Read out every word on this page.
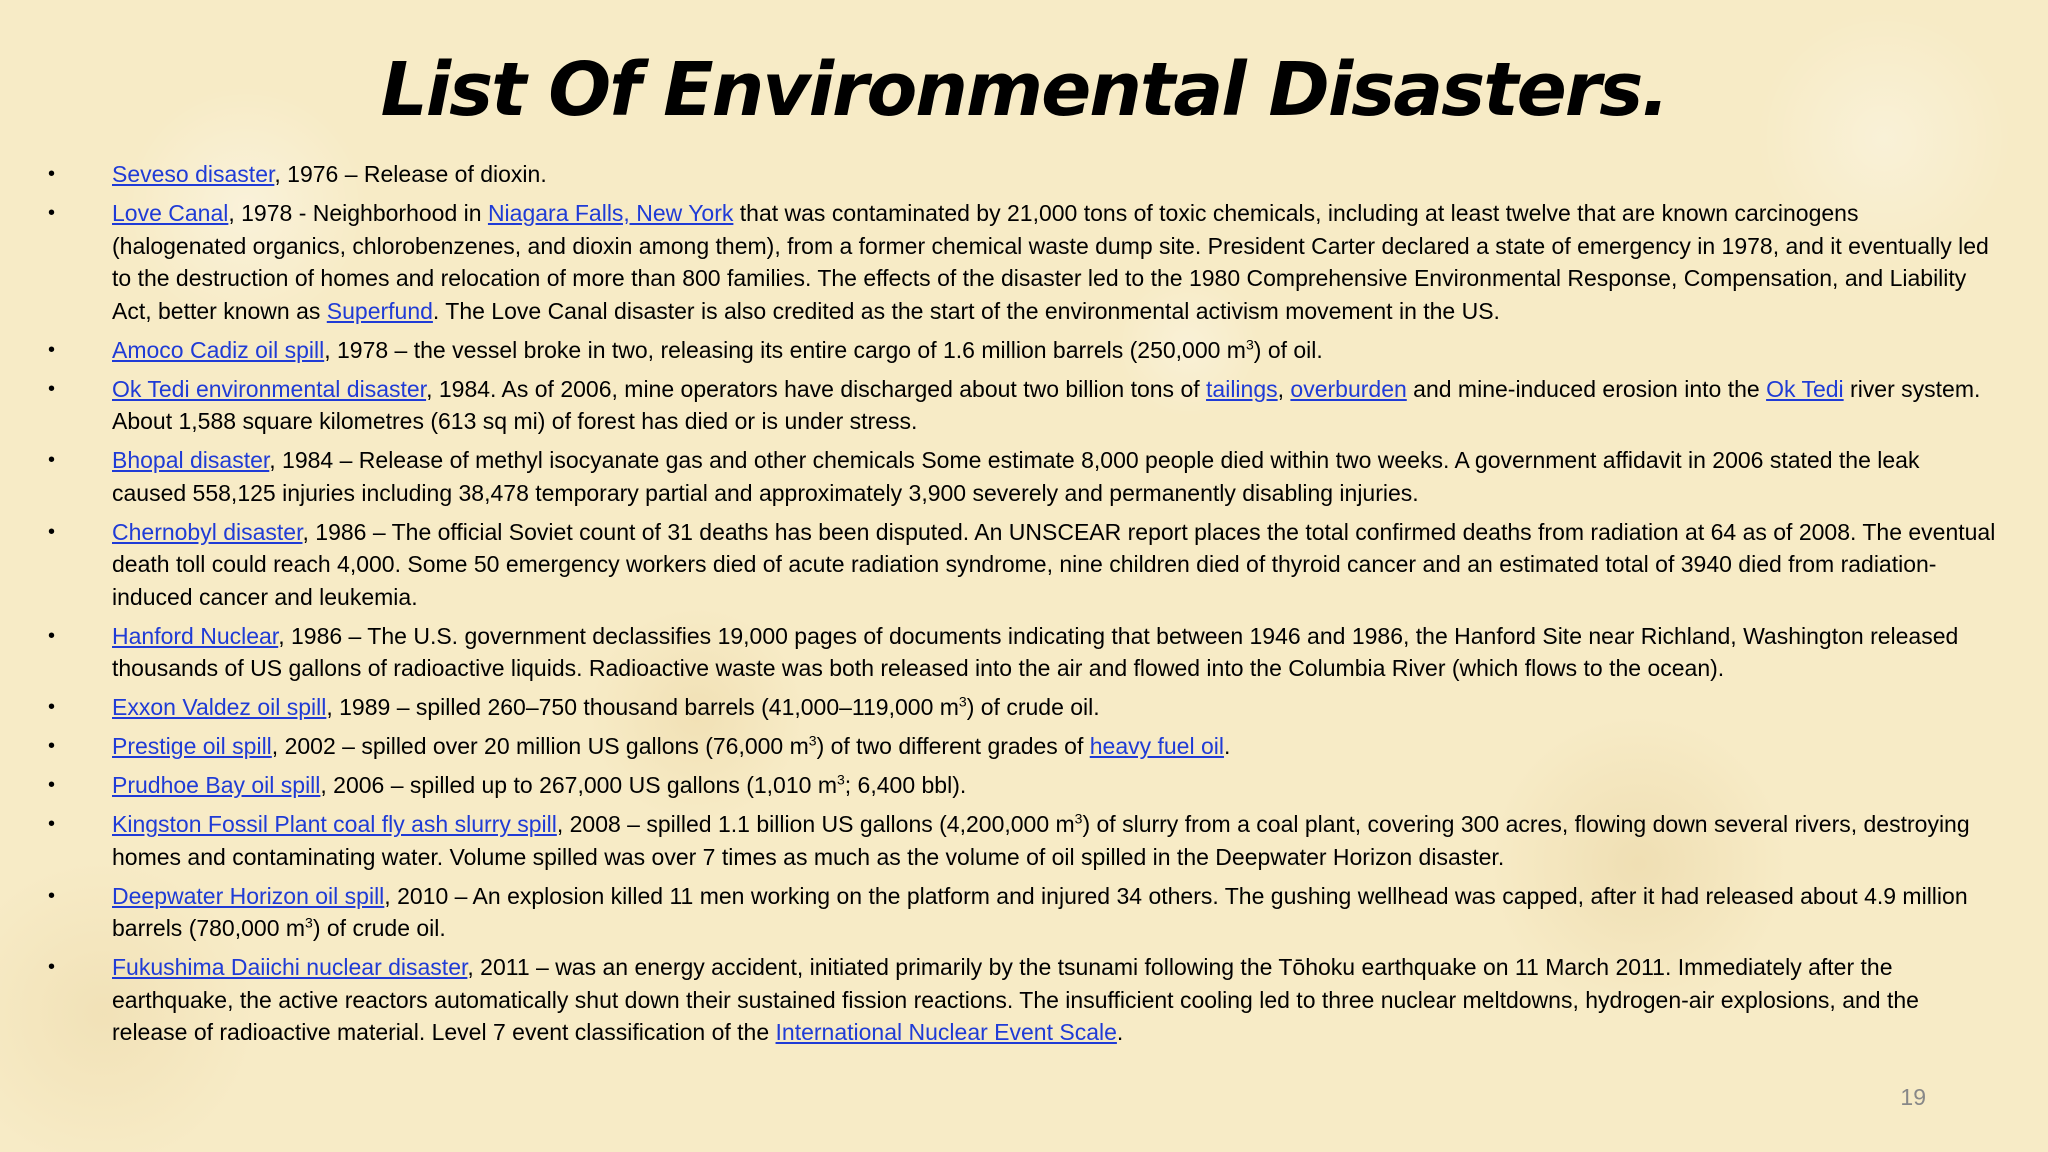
List Of Environmental Disasters.
•	Seveso disaster, 1976 – Release of dioxin.
•	Love Canal, 1978 - Neighborhood in Niagara Falls, New York that was contaminated by 21,000 tons of toxic chemicals, including at least twelve that are known carcinogens (halogenated organics, chlorobenzenes, and dioxin among them), from a former chemical waste dump site. President Carter declared a state of emergency in 1978, and it eventually led to the destruction of homes and relocation of more than 800 families. The effects of the disaster led to the 1980 Comprehensive Environmental Response, Compensation, and Liability Act, better known as Superfund. The Love Canal disaster is also credited as the start of the environmental activism movement in the US.
•	Amoco Cadiz oil spill, 1978 – the vessel broke in two, releasing its entire cargo of 1.6 million barrels (250,000 $m^3$) of oil.
•	Ok Tedi environmental disaster, 1984. As of 2006, mine operators have discharged about two billion tons of tailings, overburden and mine-induced erosion into the Ok Tedi river system. About 1,588 square kilometres (613 sq mi) of forest has died or is under stress.
•	Bhopal disaster, 1984 – Release of methyl isocyanate gas and other chemicals Some estimate 8,000 people died within two weeks. A government affidavit in 2006 stated the leak caused 558,125 injuries including 38,478 temporary partial and approximately 3,900 severely and permanently disabling injuries.
•	Chernobyl disaster, 1986 – The official Soviet count of 31 deaths has been disputed. An UNSCEAR report places the total confirmed deaths from radiation at 64 as of 2008. The eventual death toll could reach 4,000. Some 50 emergency workers died of acute radiation syndrome, nine children died of thyroid cancer and an estimated total of 3940 died from radiation-induced cancer and leukemia.
•	Hanford Nuclear, 1986 – The U.S. government declassifies 19,000 pages of documents indicating that between 1946 and 1986, the Hanford Site near Richland, Washington released thousands of US gallons of radioactive liquids. Radioactive waste was both released into the air and flowed into the Columbia River (which flows to the ocean).
•	Exxon Valdez oil spill, 1989 – spilled 260–750 thousand barrels (41,000–119,000 $m^3$) of crude oil.
•	Prestige oil spill, 2002 – spilled over 20 million US gallons (76,000 $m^3$) of two different grades of heavy fuel oil.
•	Prudhoe Bay oil spill, 2006 – spilled up to 267,000 US gallons (1,010 $m^3$; 6,400 bbl).
•	Kingston Fossil Plant coal fly ash slurry spill, 2008 – spilled 1.1 billion US gallons (4,200,000 $m^3$) of slurry from a coal plant, covering 300 acres, flowing down several rivers, destroying homes and contaminating water. Volume spilled was over 7 times as much as the volume of oil spilled in the Deepwater Horizon disaster.
•	Deepwater Horizon oil spill, 2010 – An explosion killed 11 men working on the platform and injured 34 others. The gushing wellhead was capped, after it had released about 4.9 million barrels (780,000 $m^3$) of crude oil.
•	Fukushima Daiichi nuclear disaster, 2011 – was an energy accident, initiated primarily by the tsunami following the Tōhoku earthquake on 11 March 2011. Immediately after the earthquake, the active reactors automatically shut down their sustained fission reactions. The insufficient cooling led to three nuclear meltdowns, hydrogen-air explosions, and the release of radioactive material. Level 7 event classification of the International Nuclear Event Scale.
19
